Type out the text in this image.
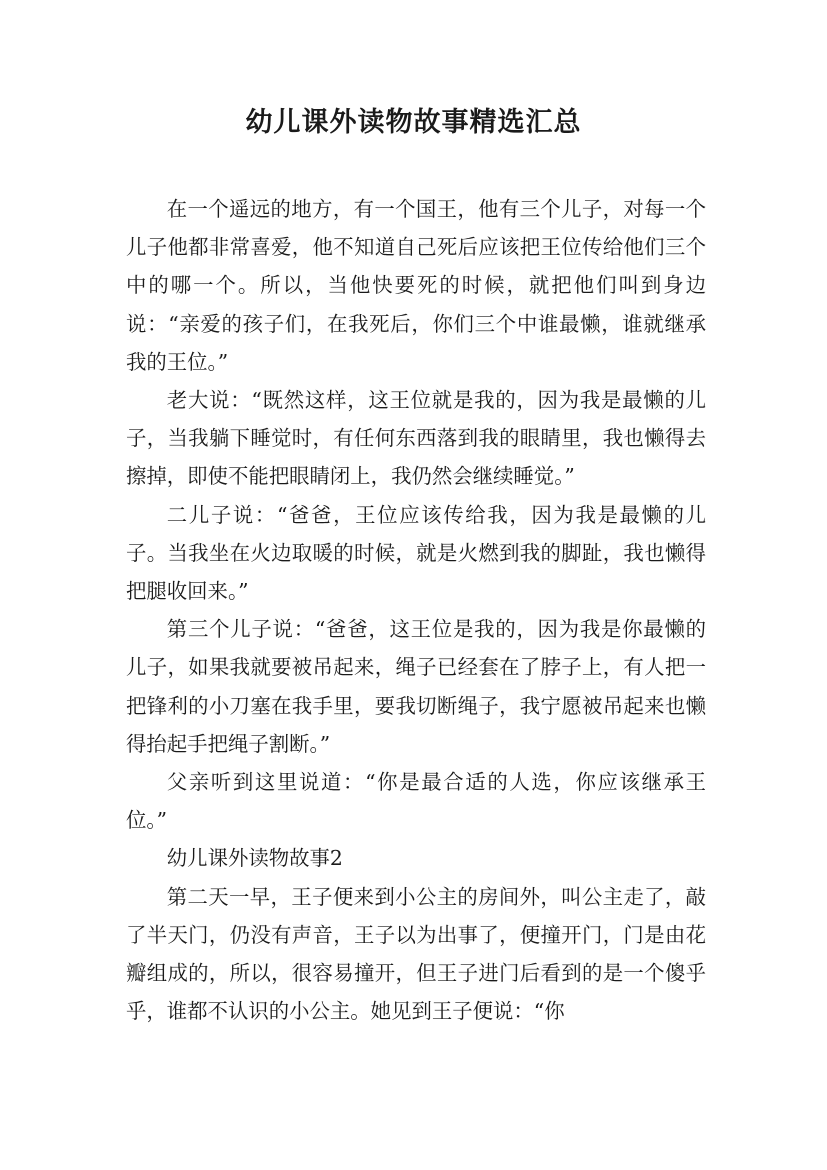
幼儿课外读物故事精选汇总

在一个遥远的地方，有一个国王，他有三个儿子，对每一个儿子他都非常喜爱，他不知道自己死后应该把王位传给他们三个中的哪一个。所以，当他快要死的时候，就把他们叫到身边说：“亲爱的孩子们，在我死后，你们三个中谁最懒，谁就继承我的王位。”

老大说：“既然这样，这王位就是我的，因为我是最懒的儿子，当我躺下睡觉时，有任何东西落到我的眼睛里，我也懒得去擦掉，即使不能把眼睛闭上，我仍然会继续睡觉。”

二儿子说：“爸爸，王位应该传给我，因为我是最懒的儿子。当我坐在火边取暖的时候，就是火燃到我的脚趾，我也懒得把腿收回来。”

第三个儿子说：“爸爸，这王位是我的，因为我是你最懒的儿子，如果我就要被吊起来，绳子已经套在了脖子上，有人把一把锋利的小刀塞在我手里，要我切断绳子，我宁愿被吊起来也懒得抬起手把绳子割断。”

父亲听到这里说道：“你是最合适的人选，你应该继承王位。”

幼儿课外读物故事2

第二天一早，王子便来到小公主的房间外，叫公主走了，敲了半天门，仍没有声音，王子以为出事了，便撞开门，门是由花瓣组成的，所以，很容易撞开，但王子进门后看到的是一个傻乎乎，谁都不认识的小公主。她见到王子便说：“你
